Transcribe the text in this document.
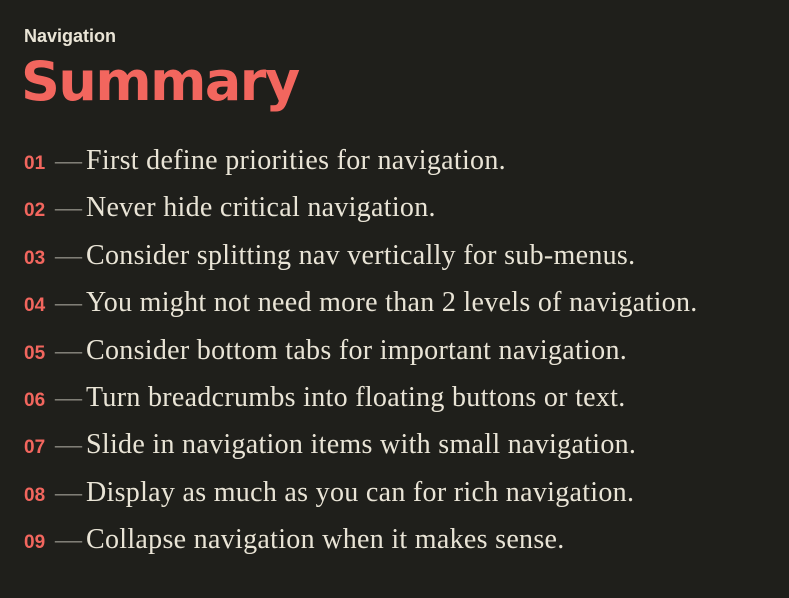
Navigation

Summary
01 — First define priorities for navigation.
02 — Never hide critical navigation.
03 — Consider splitting nav vertically for sub-menus.
04 — You might not need more than 2 levels of navigation.
05 — Consider bottom tabs for important navigation.
06 — Turn breadcrumbs into floating buttons or text.
07 — Slide in navigation items with small navigation.
08 — Display as much as you can for rich navigation.
09 — Collapse navigation when it makes sense.
